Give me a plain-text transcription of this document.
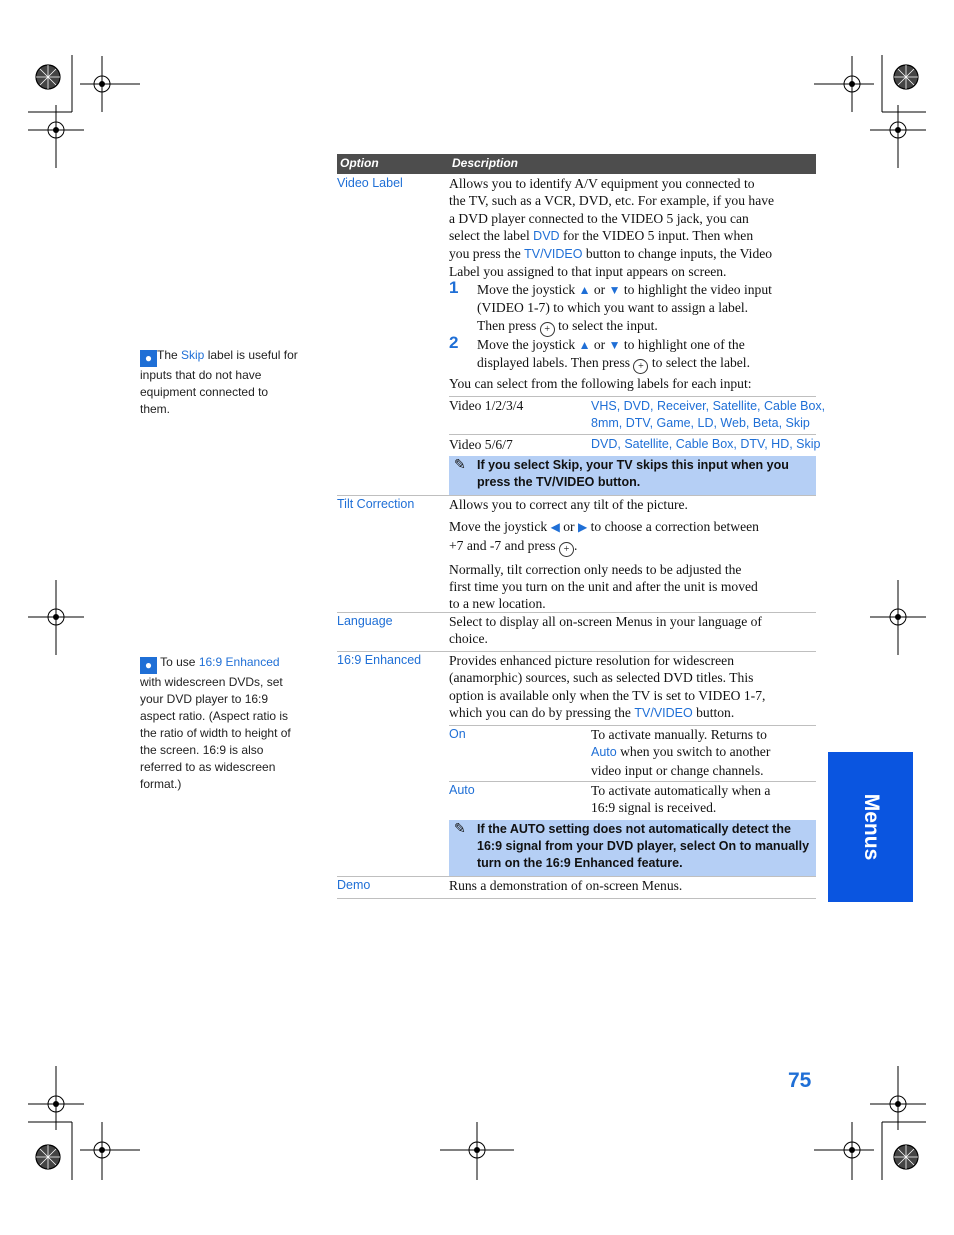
Option	Description
Video Label	Allows you to identify A/V equipment you connected to
the TV, such as a VCR, DVD, etc. For example, if you have
a DVD player connected to the VIDEO 5 jack, you can
select the label DVD for the VIDEO 5 input. Then when
you press the TV/VIDEO button to change inputs, the Video
Label you assigned to that input appears on screen.
1 Move the joystick ▲ or ▼ to highlight the video input
(VIDEO 1-7) to which you want to assign a label.
Then press + to select the input.
2 Move the joystick ▲ or ▼ to highlight one of the
displayed labels. Then press + to select the label.
You can select from the following labels for each input:
Video 1/2/3/4	VHS, DVD, Receiver, Satellite, Cable Box,
8mm, DTV, Game, LD, Web, Beta, Skip
Video 5/6/7	DVD, Satellite, Cable Box, DTV, HD, Skip
✎ If you select Skip, your TV skips this input when you
press the TV/VIDEO button.
Tilt Correction	Allows you to correct any tilt of the picture.
Move the joystick ◀ or ▶ to choose a correction between
+7 and -7 and press + .
Normally, tilt correction only needs to be adjusted the
first time you turn on the unit and after the unit is moved
to a new location.
Language	Select to display all on-screen Menus in your language of
choice.
16:9 Enhanced Provides enhanced picture resolution for widescreen
(anamorphic) sources, such as selected DVD titles. This
option is available only when the TV is set to VIDEO 1-7,
which you can do by pressing the TV/VIDEO button.
On	To activate manually. Returns to
Auto when you switch to another
video input or change channels.
Auto	To activate automatically when a
16:9 signal is received.
✎ If the AUTO setting does not automatically detect the
16:9 signal from your DVD player, select On to manually
turn on the 16:9 Enhanced feature.
Demo	Runs a demonstration of on-screen Menus.
● The Skip label is useful for
inputs that do not have
equipment connected to
them.
● To use 16:9 Enhanced
with widescreen DVDs, set
your DVD player to 16:9
aspect ratio. (Aspect ratio is
the ratio of width to height of
the screen. 16:9 is also
referred to as widescreen
format.)
Menus
75
